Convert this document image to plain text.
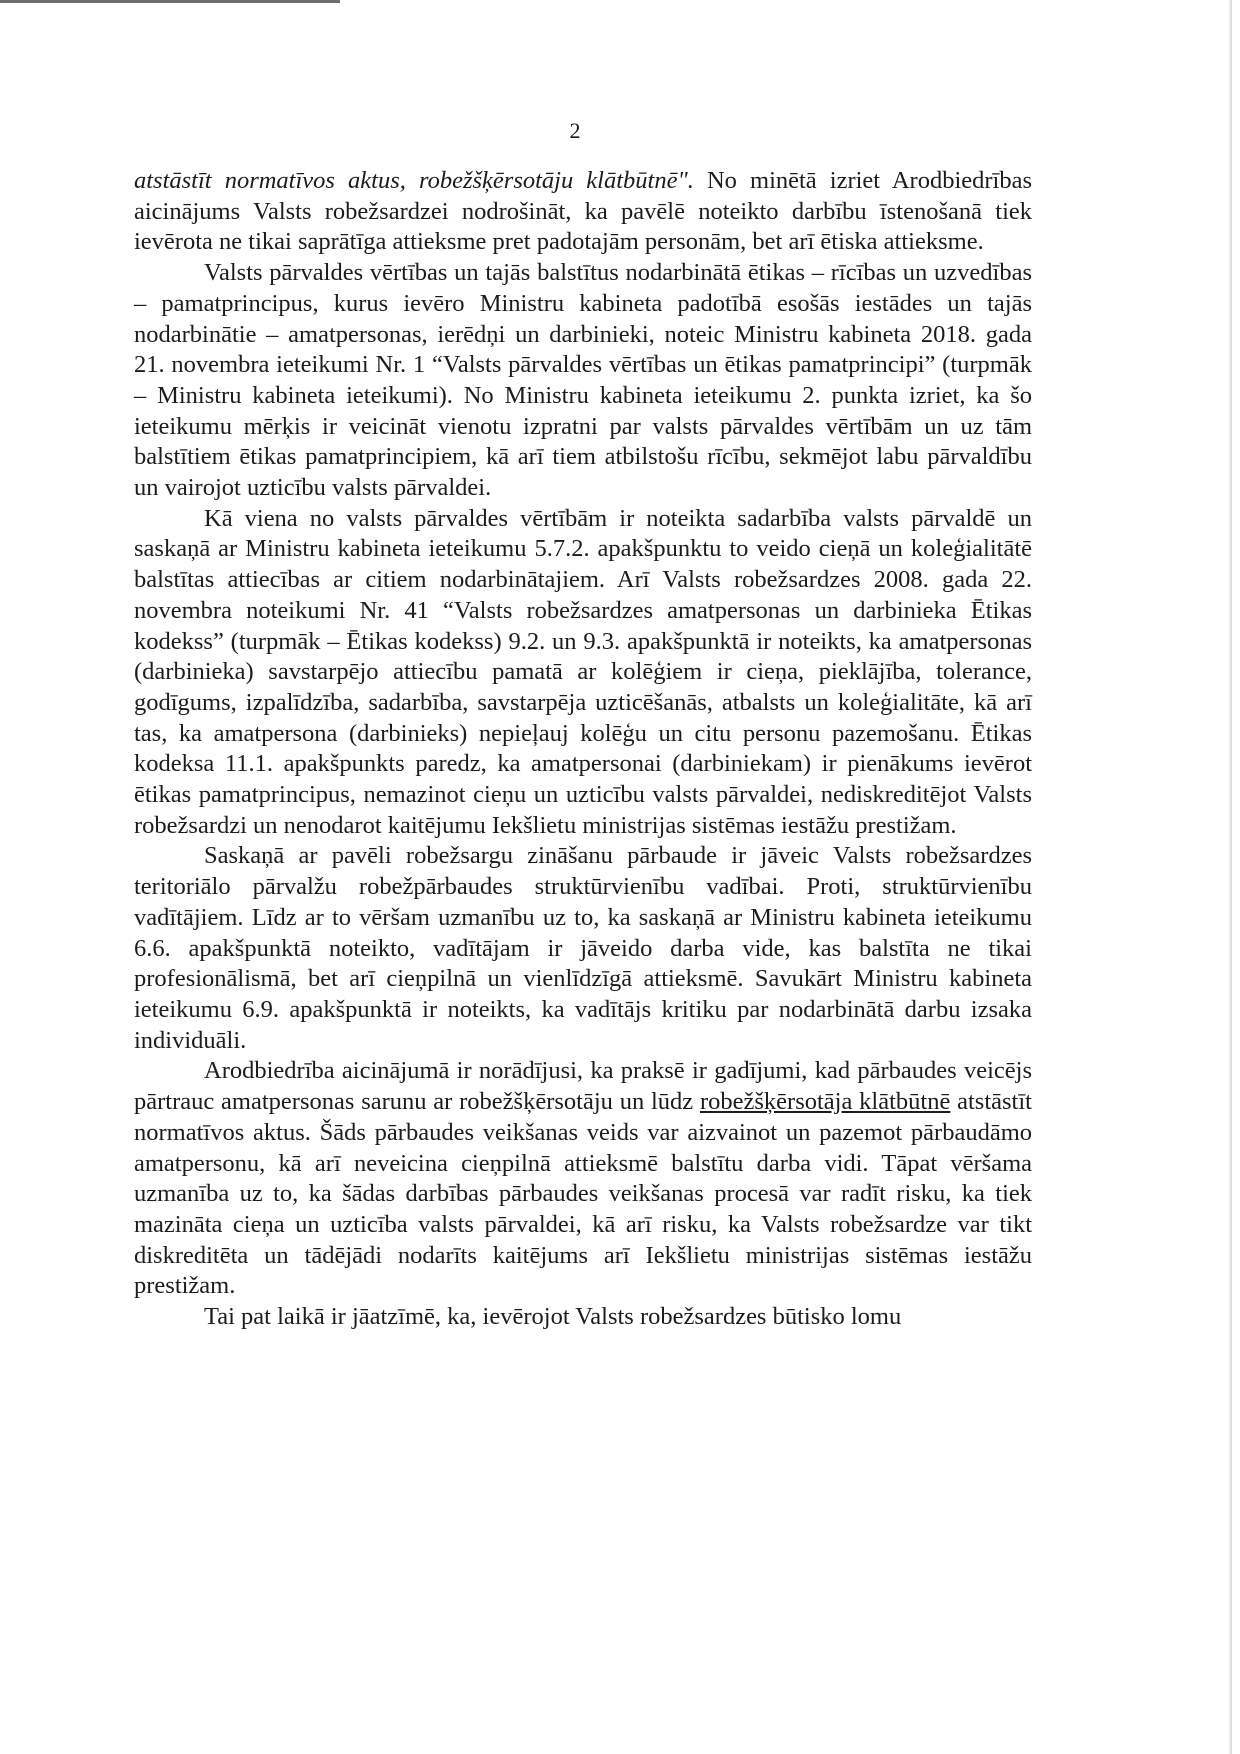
2

atstāstīt normatīvos aktus, robežšķērsotāju klātbūtnē". No minētā izriet Arodbiedrības aicinājums Valsts robežsardzei nodrošināt, ka pavēlē noteikto darbību īstenošanā tiek ievērota ne tikai saprātīga attieksme pret padotajām personām, bet arī ētiska attieksme.

Valsts pārvaldes vērtības un tajās balstītus nodarbinātā ētikas – rīcības un uzvedības – pamatprincipus, kurus ievēro Ministru kabineta padotībā esošās iestādes un tajās nodarbinātie – amatpersonas, ierēdņi un darbinieki, noteic Ministru kabineta 2018. gada 21. novembra ieteikumi Nr. 1 “Valsts pārvaldes vērtības un ētikas pamatprincipi” (turpmāk – Ministru kabineta ieteikumi). No Ministru kabineta ieteikumu 2. punkta izriet, ka šo ieteikumu mērķis ir veicināt vienotu izpratni par valsts pārvaldes vērtībām un uz tām balstītiem ētikas pamatprincipiem, kā arī tiem atbilstošu rīcību, sekmējot labu pārvaldību un vairojot uzticību valsts pārvaldei.

Kā viena no valsts pārvaldes vērtībām ir noteikta sadarbība valsts pārvaldē un saskaņā ar Ministru kabineta ieteikumu 5.7.2. apakšpunktu to veido cieņā un koleģialitātē balstītas attiecības ar citiem nodarbinātajiem. Arī Valsts robežsardzes 2008. gada 22. novembra noteikumi Nr. 41 “Valsts robežsardzes amatpersonas un darbinieka Ētikas kodekss” (turpmāk – Ētikas kodekss) 9.2. un 9.3. apakšpunktā ir noteikts, ka amatpersonas (darbinieka) savstarpējo attiecību pamatā ar kolēģiem ir cieņa, pieklājība, tolerance, godīgums, izpalīdzība, sadarbība, savstarpēja uzticēšanās, atbalsts un koleģialitāte, kā arī tas, ka amatpersona (darbinieks) nepieļauj kolēģu un citu personu pazemošanu. Ētikas kodeksa 11.1. apakšpunkts paredz, ka amatpersonai (darbiniekam) ir pienākums ievērot ētikas pamatprincipus, nemazinot cieņu un uzticību valsts pārvaldei, nediskreditējot Valsts robežsardzi un nenodarot kaitējumu Iekšlietu ministrijas sistēmas iestāžu prestižam.

Saskaņā ar pavēli robežsargu zināšanu pārbaude ir jāveic Valsts robežsardzes teritoriālo pārvalžu robežpārbaudes struktūrvienību vadībai. Proti, struktūrvienību vadītājiem. Līdz ar to vēršam uzmanību uz to, ka saskaņā ar Ministru kabineta ieteikumu 6.6. apakšpunktā noteikto, vadītājam ir jāveido darba vide, kas balstīta ne tikai profesionālismā, bet arī cieņpilnā un vienlīdzīgā attieksmē. Savukārt Ministru kabineta ieteikumu 6.9. apakšpunktā ir noteikts, ka vadītājs kritiku par nodarbinātā darbu izsaka individuāli.

Arodbiedrība aicinājumā ir norādījusi, ka praksē ir gadījumi, kad pārbaudes veicējs pārtrauc amatpersonas sarunu ar robežšķērsotāju un lūdz robežšķērsotāja klātbūtnē atstāstīt normatīvos aktus. Šāds pārbaudes veikšanas veids var aizvainot un pazemot pārbaudāmo amatpersonu, kā arī neveicina cieņpilnā attieksmē balstītu darba vidi. Tāpat vēršama uzmanība uz to, ka šādas darbības pārbaudes veikšanas procesā var radīt risku, ka tiek mazināta cieņa un uzticība valsts pārvaldei, kā arī risku, ka Valsts robežsardze var tikt diskreditēta un tādējādi nodarīts kaitējums arī Iekšlietu ministrijas sistēmas iestāžu prestižam.

Tai pat laikā ir jāatzīmē, ka, ievērojot Valsts robežsardzes būtisko lomu
